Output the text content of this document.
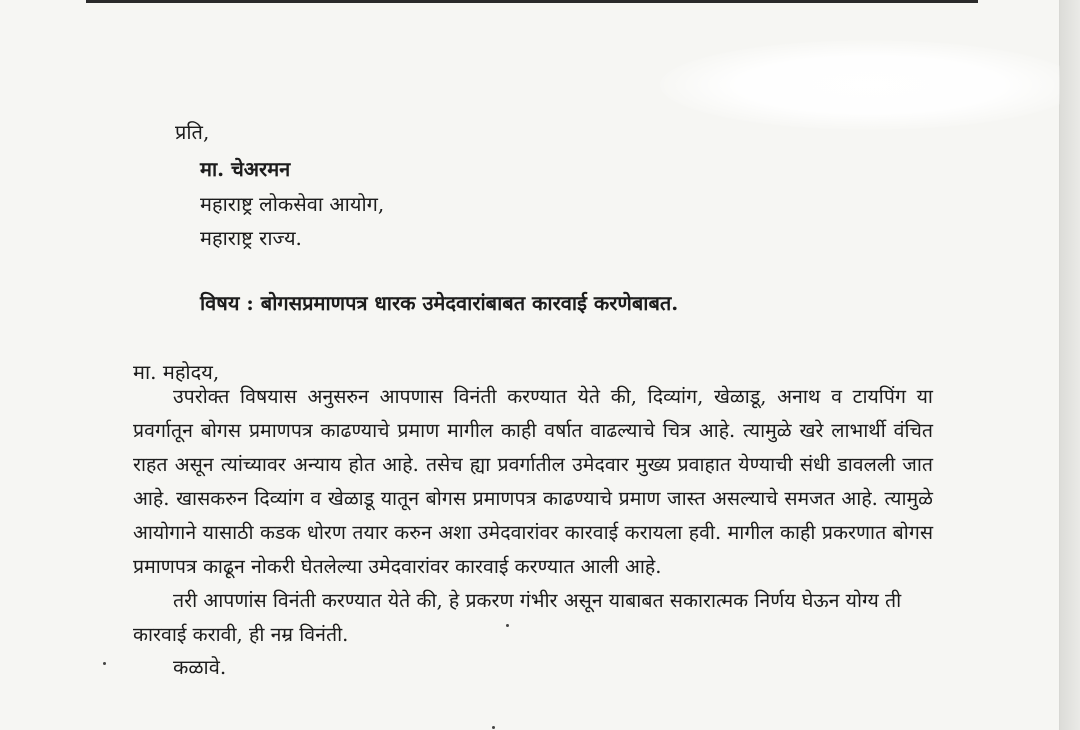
प्रति,
मा. चेअरमन
महाराष्ट्र लोकसेवा आयोग,
महाराष्ट्र राज्य.
विषय : बोगसप्रमाणपत्र धारक उमेदवारांबाबत कारवाई करणेबाबत.
मा. महोदय,
उपरोक्त विषयास अनुसरुन आपणास विनंती करण्यात येते की, दिव्यांग, खेळाडू, अनाथ व टायपिंग या प्रवर्गातून बोगस प्रमाणपत्र काढण्याचे प्रमाण मागील काही वर्षात वाढल्याचे चित्र आहे. त्यामुळे खरे लाभार्थी वंचित राहत असून त्यांच्यावर अन्याय होत आहे. तसेच ह्या प्रवर्गातील उमेदवार मुख्य प्रवाहात येण्याची संधी डावलली जात आहे. खासकरुन दिव्यांग व खेळाडू यातून बोगस प्रमाणपत्र काढण्याचे प्रमाण जास्त असल्याचे समजत आहे. त्यामुळे आयोगाने यासाठी कडक धोरण तयार करुन अशा उमेदवारांवर कारवाई करायला हवी. मागील काही प्रकरणात बोगस प्रमाणपत्र काढून नोकरी घेतलेल्या उमेदवारांवर कारवाई करण्यात आली आहे.
तरी आपणांस विनंती करण्यात येते की, हे प्रकरण गंभीर असून याबाबत सकारात्मक निर्णय घेऊन योग्य ती कारवाई करावी, ही नम्र विनंती.
कळावे.
